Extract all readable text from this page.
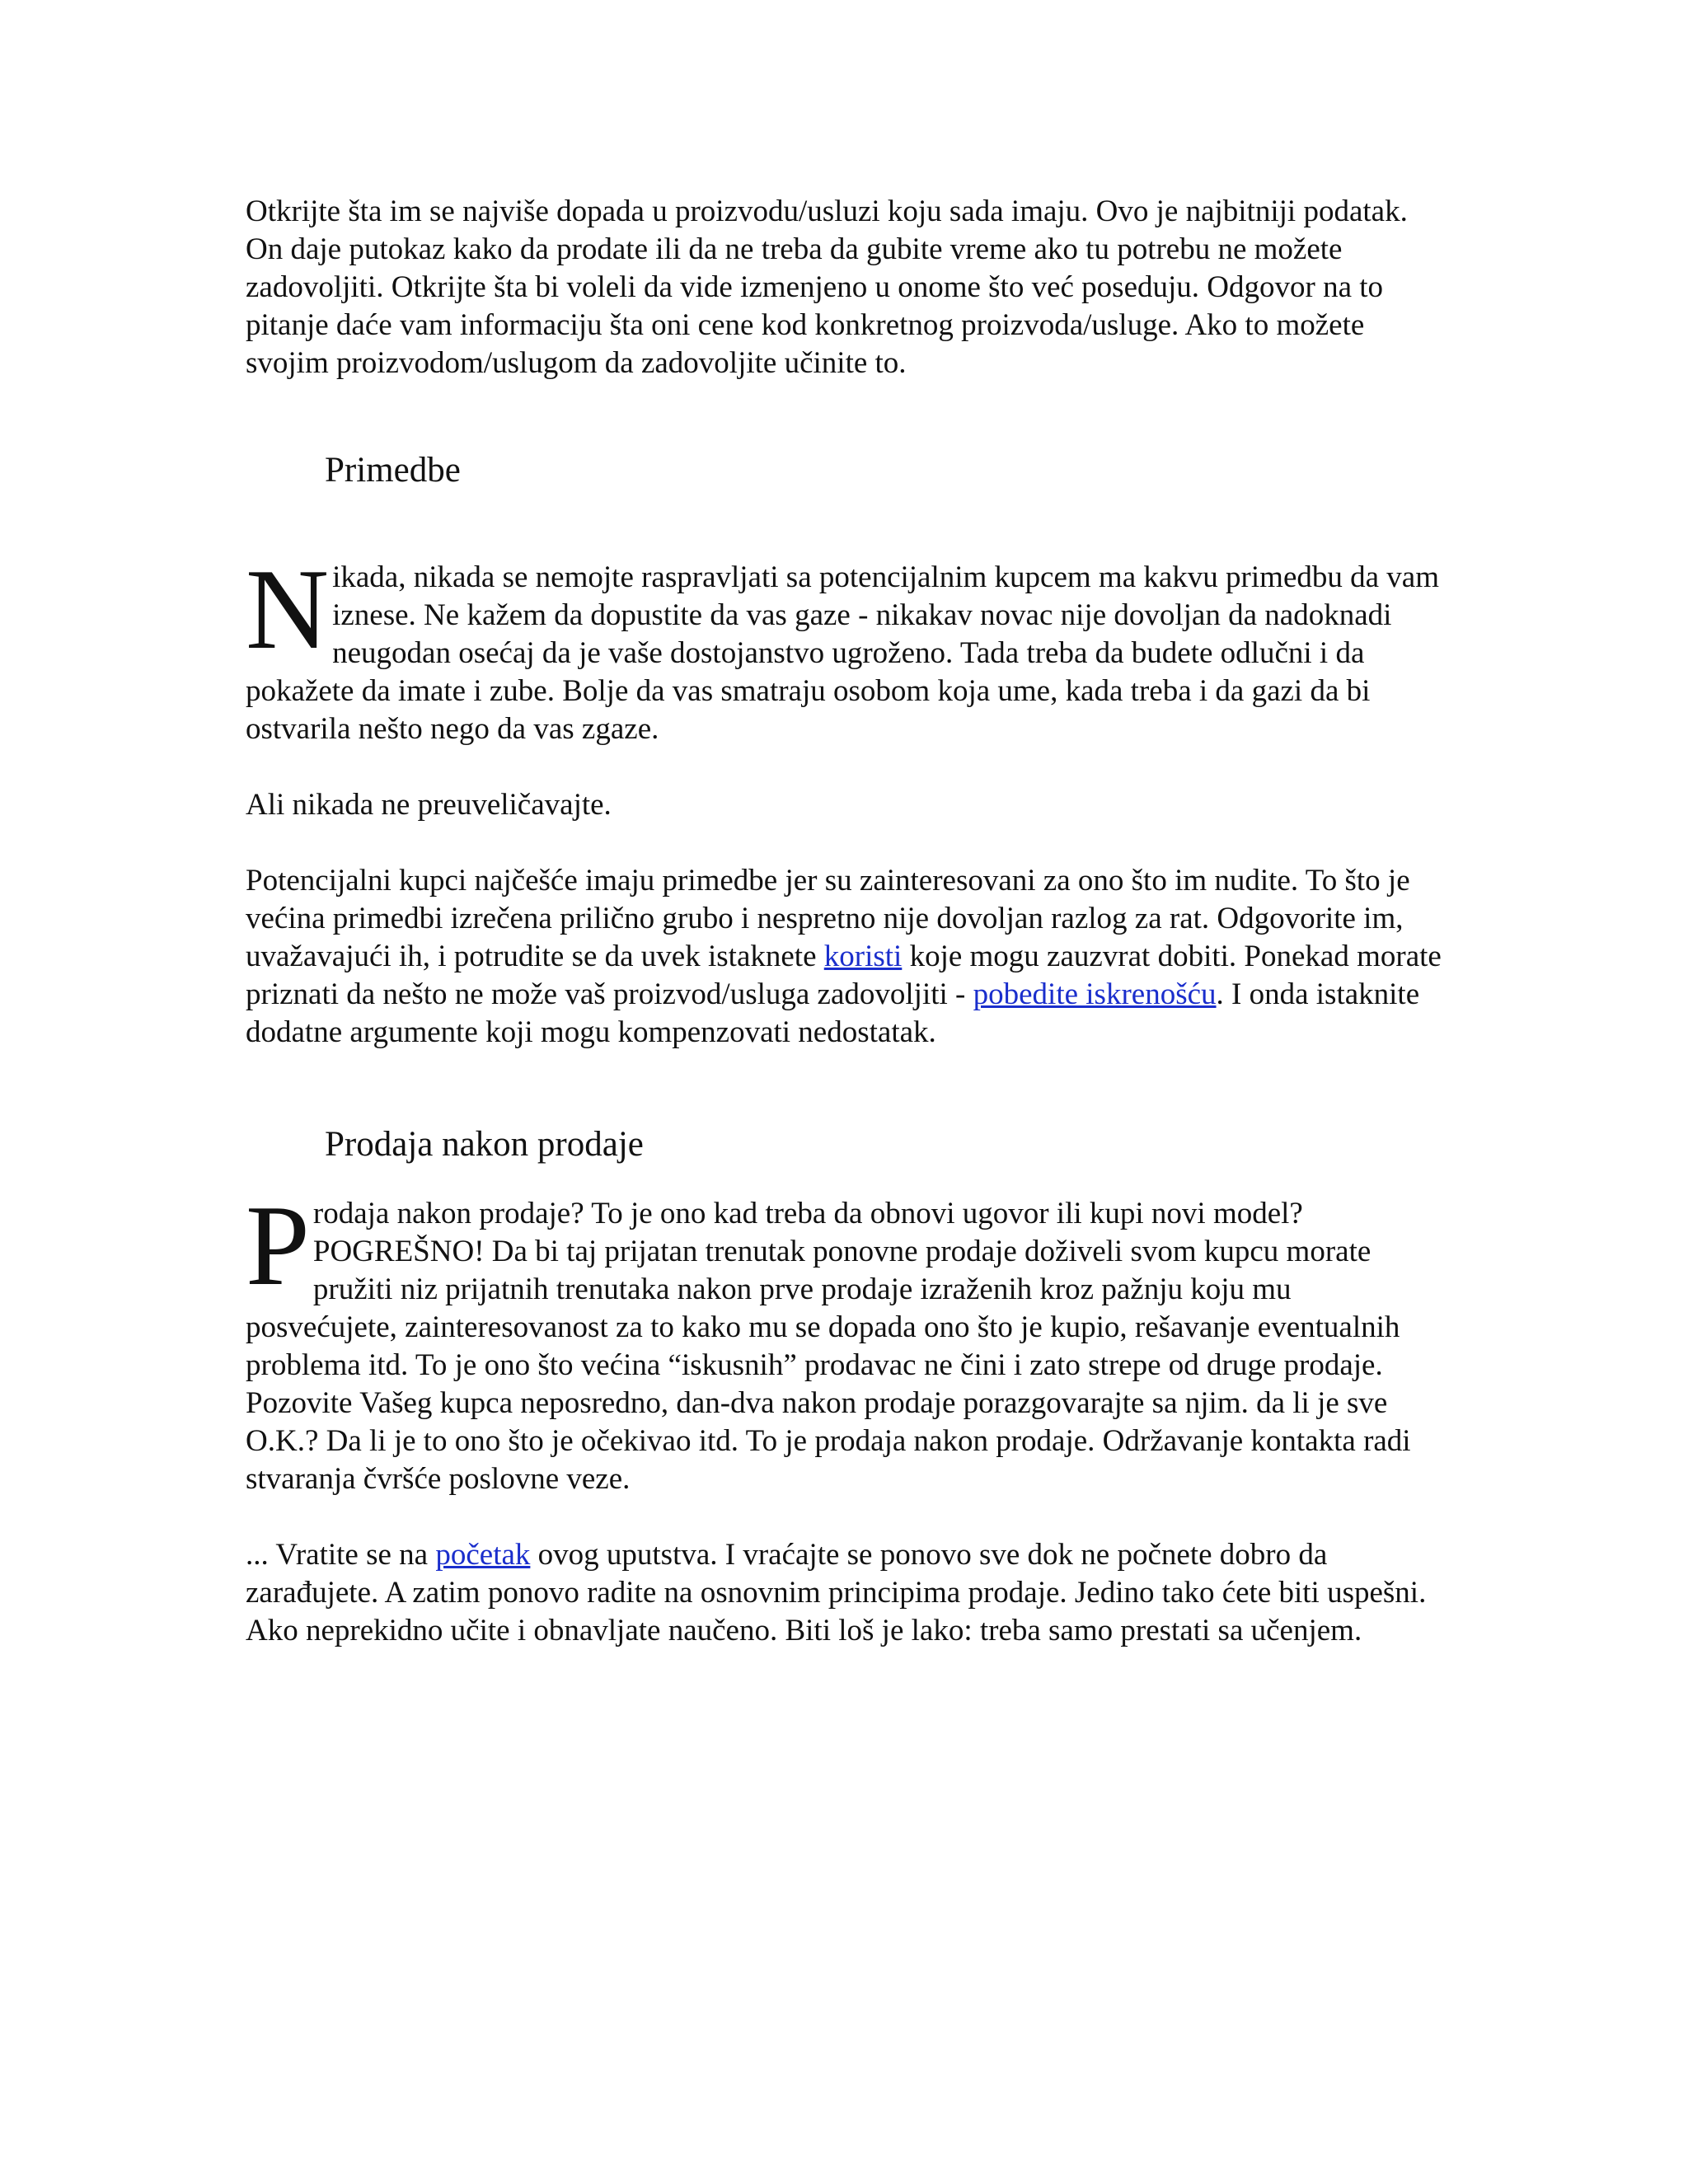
Otkrijte šta im se najviše dopada u proizvodu/usluzi koju sada imaju. Ovo je najbitniji podatak. On daje putokaz kako da prodate ili da ne treba da gubite vreme ako tu potrebu ne možete zadovoljiti. Otkrijte šta bi voleli da vide izmenjeno u onome što već poseduju. Odgovor na to pitanje daće vam informaciju šta oni cene kod konkretnog proizvoda/usluge. Ako to možete svojim proizvodom/uslugom da zadovoljite učinite to.

Primedbe

Nikada, nikada se nemojte raspravljati sa potencijalnim kupcem ma kakvu primedbu da vam iznese. Ne kažem da dopustite da vas gaze - nikakav novac nije dovoljan da nadoknadi neugodan osećaj da je vaše dostojanstvo ugroženo. Tada treba da budete odlučni i da pokažete da imate i zube. Bolje da vas smatraju osobom koja ume, kada treba i da gazi da bi ostvarila nešto nego da vas zgaze.

Ali nikada ne preuveličavajte.

Potencijalni kupci najčešće imaju primedbe jer su zainteresovani za ono što im nudite. To što je većina primedbi izrečena prilično grubo i nespretno nije dovoljan razlog za rat. Odgovorite im, uvažavajući ih, i potrudite se da uvek istaknete koristi koje mogu zauzvrat dobiti. Ponekad morate priznati da nešto ne može vaš proizvod/usluga zadovoljiti - pobedite iskrenošću. I onda istaknite dodatne argumente koji mogu kompenzovati nedostatak.

Prodaja nakon prodaje

Prodaja nakon prodaje? To je ono kad treba da obnovi ugovor ili kupi novi model? POGREŠNO! Da bi taj prijatan trenutak ponovne prodaje doživeli svom kupcu morate pružiti niz prijatnih trenutaka nakon prve prodaje izraženih kroz pažnju koju mu posvećujete, zainteresovanost za to kako mu se dopada ono što je kupio, rešavanje eventualnih problema itd. To je ono što većina “iskusnih” prodavac ne čini i zato strepe od druge prodaje. Pozovite Vašeg kupca neposredno, dan-dva nakon prodaje porazgovarajte sa njim. da li je sve O.K.? Da li je to ono što je očekivao itd. To je prodaja nakon prodaje. Održavanje kontakta radi stvaranja čvršće poslovne veze.

... Vratite se na početak ovog uputstva. I vraćajte se ponovo sve dok ne počnete dobro da zarađujete. A zatim ponovo radite na osnovnim principima prodaje. Jedino tako ćete biti uspešni. Ako neprekidno učite i obnavljate naučeno. Biti loš je lako: treba samo prestati sa učenjem.
